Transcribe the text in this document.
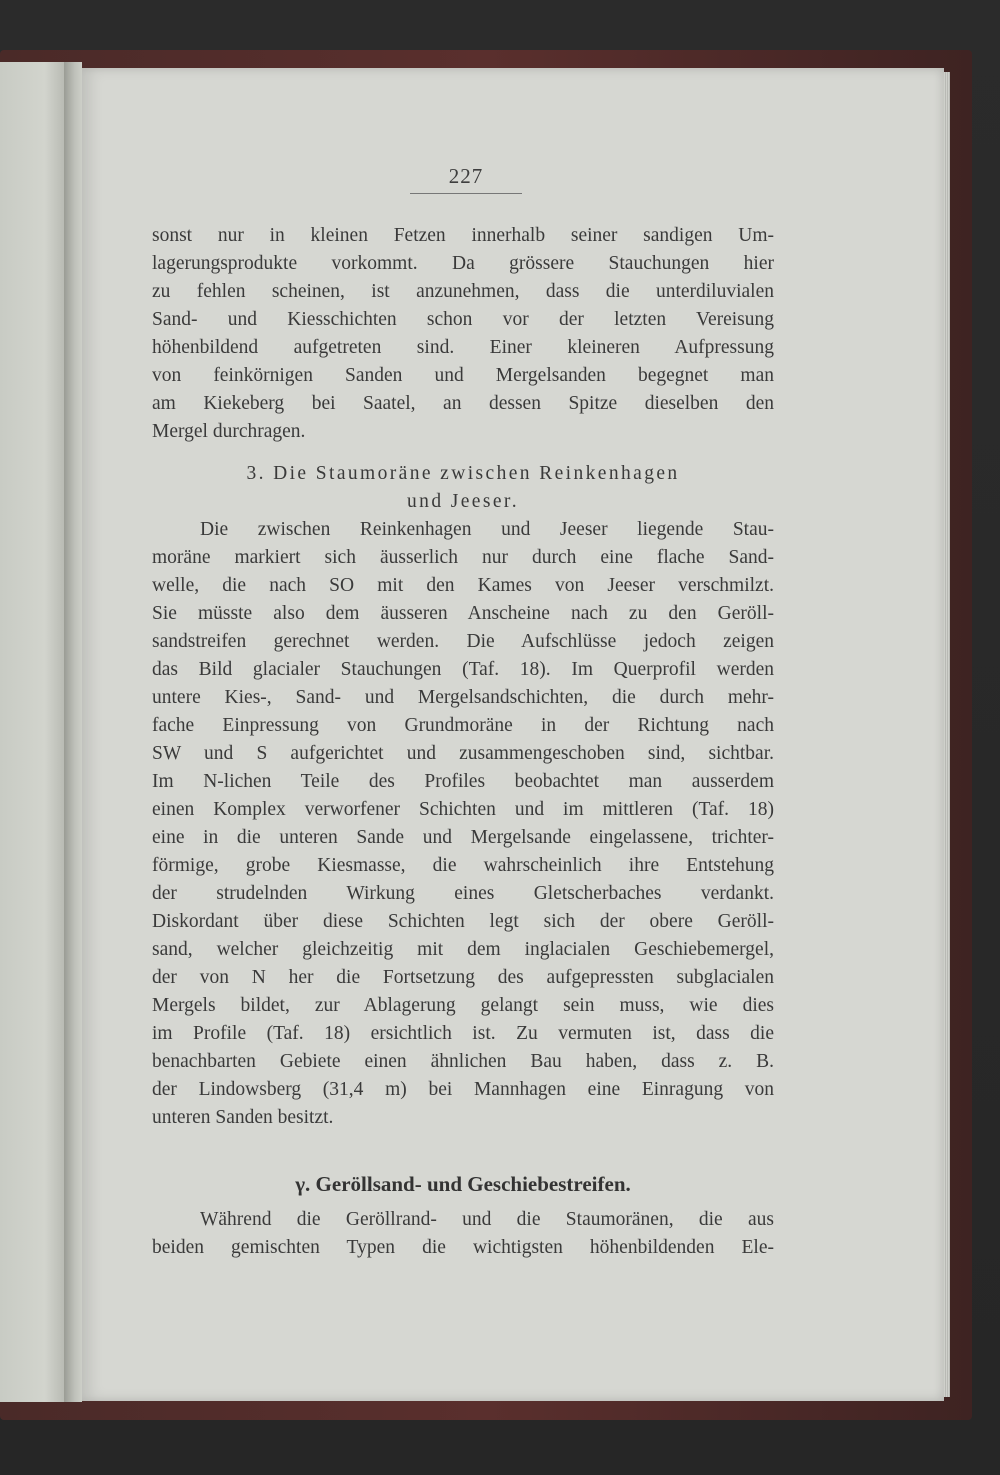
227
sonst nur in kleinen Fetzen innerhalb seiner sandigen Um-
lagerungsprodukte vorkommt. Da grössere Stauchungen hier
zu fehlen scheinen, ist anzunehmen, dass die unterdiluvialen
Sand- und Kiesschichten schon vor der letzten Vereisung
höhenbildend aufgetreten sind. Einer kleineren Aufpressung
von feinkörnigen Sanden und Mergelsanden begegnet man
am Kiekeberg bei Saatel, an dessen Spitze dieselben den
Mergel durchragen.
3. Die Staumoräne zwischen Reinkenhagen
und Jeeser.
Die zwischen Reinkenhagen und Jeeser liegende Stau-
moräne markiert sich äusserlich nur durch eine flache Sand-
welle, die nach SO mit den Kames von Jeeser verschmilzt.
Sie müsste also dem äusseren Anscheine nach zu den Geröll-
sandstreifen gerechnet werden. Die Aufschlüsse jedoch zeigen
das Bild glacialer Stauchungen (Taf. 18). Im Querprofil werden
untere Kies-, Sand- und Mergelsandschichten, die durch mehr-
fache Einpressung von Grundmoräne in der Richtung nach
SW und S aufgerichtet und zusammengeschoben sind, sichtbar.
Im N-lichen Teile des Profiles beobachtet man ausserdem
einen Komplex verworfener Schichten und im mittleren (Taf. 18)
eine in die unteren Sande und Mergelsande eingelassene, trichter-
förmige, grobe Kiesmasse, die wahrscheinlich ihre Entstehung
der strudelnden Wirkung eines Gletscherbaches verdankt.
Diskordant über diese Schichten legt sich der obere Geröll-
sand, welcher gleichzeitig mit dem inglacialen Geschiebemergel,
der von N her die Fortsetzung des aufgepressten subglacialen
Mergels bildet, zur Ablagerung gelangt sein muss, wie dies
im Profile (Taf. 18) ersichtlich ist. Zu vermuten ist, dass die
benachbarten Gebiete einen ähnlichen Bau haben, dass z. B.
der Lindowsberg (31,4 m) bei Mannhagen eine Einragung von
unteren Sanden besitzt.
γ. Geröllsand- und Geschiebestreifen.
Während die Geröllrand- und die Staumoränen, die aus
beiden gemischten Typen die wichtigsten höhenbildenden Ele-
